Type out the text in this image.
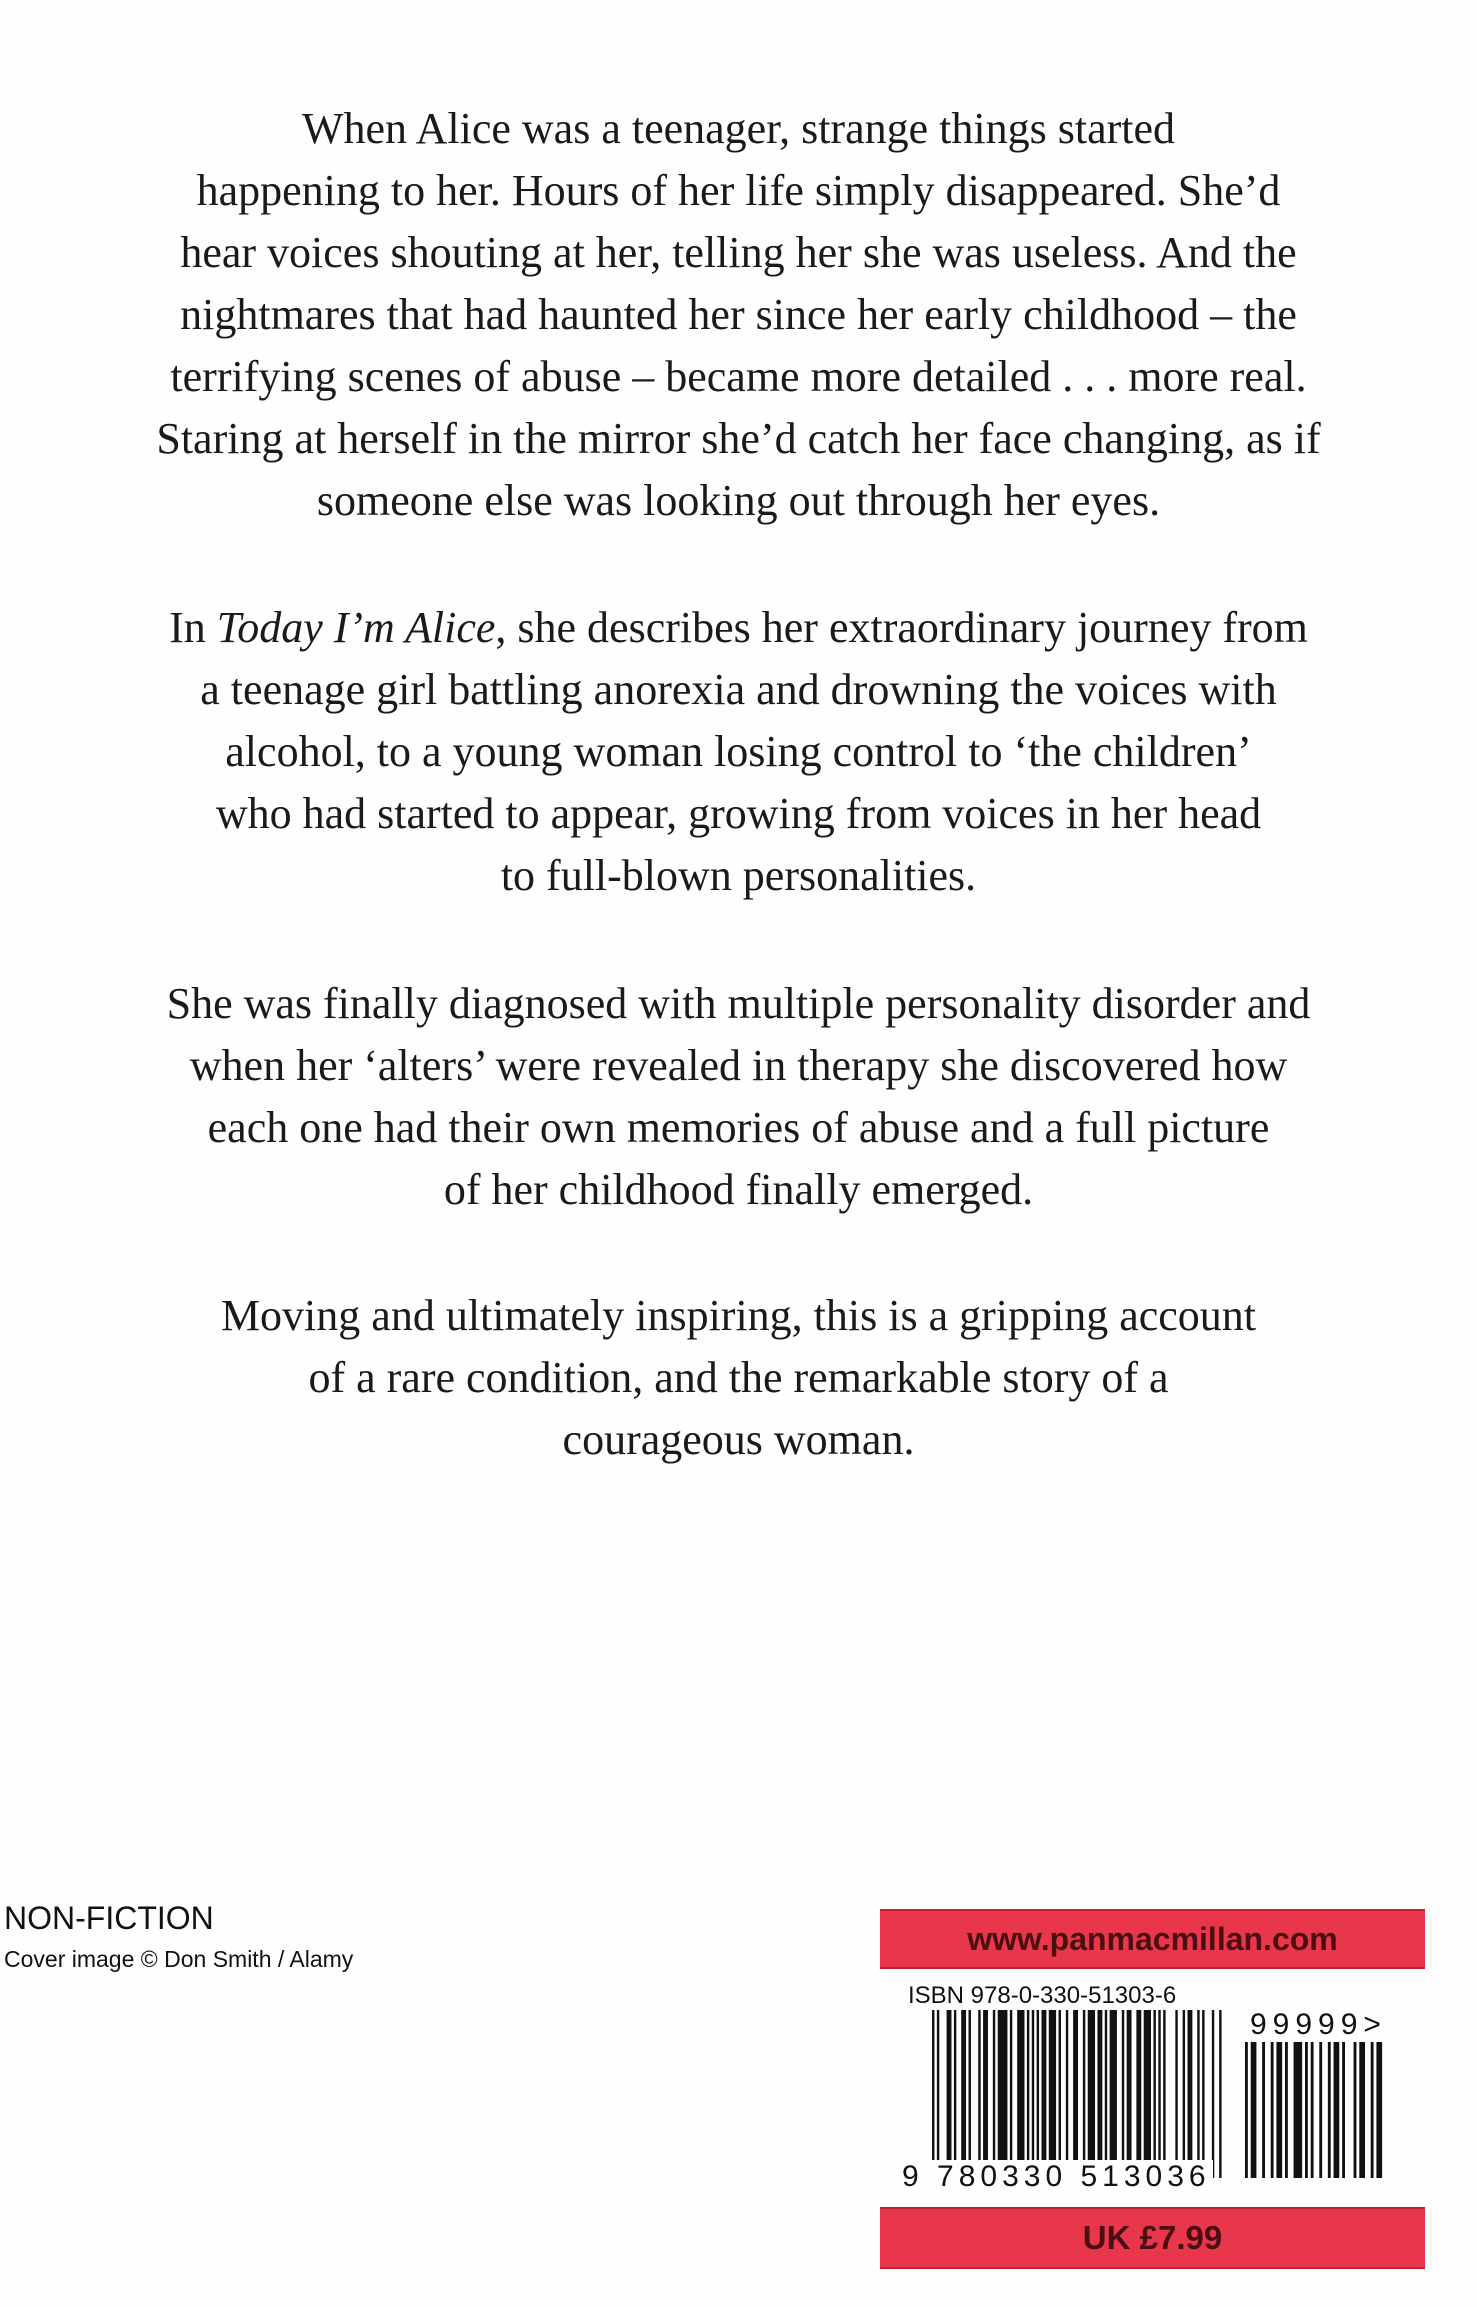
When Alice was a teenager, strange things started
happening to her. Hours of her life simply disappeared. She’d
hear voices shouting at her, telling her she was useless. And the
nightmares that had haunted her since her early childhood – the
terrifying scenes of abuse – became more detailed . . . more real.
Staring at herself in the mirror she’d catch her face changing, as if
someone else was looking out through her eyes.
In Today I’m Alice, she describes her extraordinary journey from
a teenage girl battling anorexia and drowning the voices with
alcohol, to a young woman losing control to ‘the children’
who had started to appear, growing from voices in her head
to full-blown personalities.
She was finally diagnosed with multiple personality disorder and
when her ‘alters’ were revealed in therapy she discovered how
each one had their own memories of abuse and a full picture
of her childhood finally emerged.
Moving and ultimately inspiring, this is a gripping account
of a rare condition, and the remarkable story of a
courageous woman.
NON-FICTION
Cover image © Don Smith / Alamy
www.panmacmillan.com
ISBN 978-0-330-51303-6
9 780330 513036
99999>
UK £7.99
